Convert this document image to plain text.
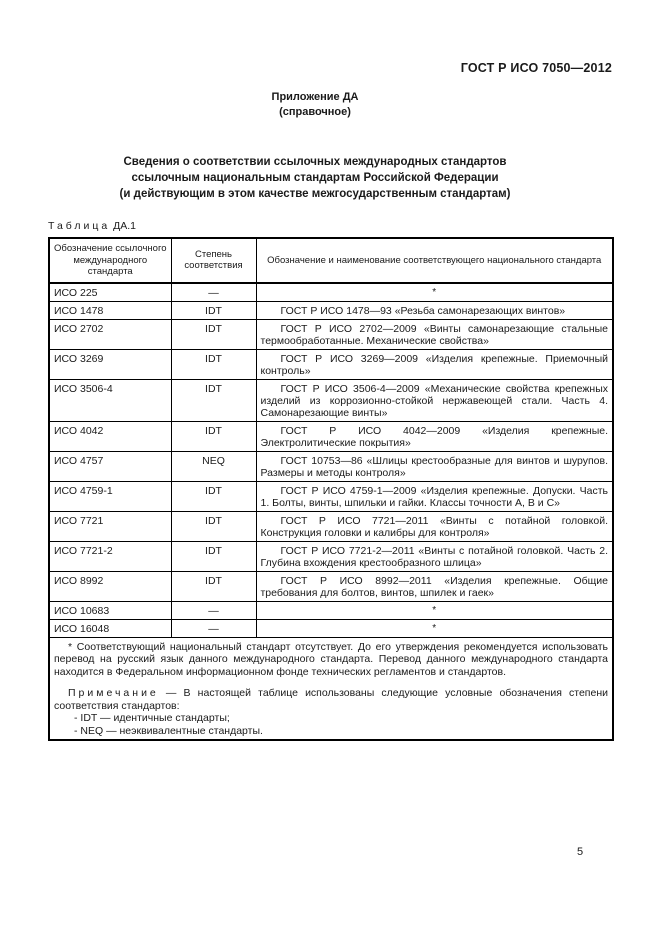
ГОСТ Р ИСО 7050—2012
Приложение ДА
(справочное)
Сведения о соответствии ссылочных международных стандартов
ссылочным национальным стандартам Российской Федерации
(и действующим в этом качестве межгосударственным стандартам)
Таблица ДА.1
Обозначение ссылочного международного стандарта	Степень соответствия	Обозначение и наименование соответствующего национального стандарта
ИСО 225	—	*
ИСО 1478	IDT	ГОСТ Р ИСО 1478—93 «Резьба самонарезающих винтов»
ИСО 2702	IDT	ГОСТ Р ИСО 2702—2009 «Винты самонарезающие стальные термообработанные. Механические свойства»
ИСО 3269	IDT	ГОСТ Р ИСО 3269—2009 «Изделия крепежные. Приемочный контроль»
ИСО 3506-4	IDT	ГОСТ Р ИСО 3506-4—2009 «Механические свойства крепежных изделий из коррозионно-стойкой нержавеющей стали. Часть 4. Самонарезающие винты»
ИСО 4042	IDT	ГОСТ Р ИСО 4042—2009 «Изделия крепежные. Электролитические покрытия»
ИСО 4757	NEQ	ГОСТ 10753—86 «Шлицы крестообразные для винтов и шурупов. Размеры и методы контроля»
ИСО 4759-1	IDT	ГОСТ Р ИСО 4759-1—2009 «Изделия крепежные. Допуски. Часть 1. Болты, винты, шпильки и гайки. Классы точности А, В и С»
ИСО 7721	IDT	ГОСТ Р ИСО 7721—2011 «Винты с потайной головкой. Конструкция головки и калибры для контроля»
ИСО 7721-2	IDT	ГОСТ Р ИСО 7721-2—2011 «Винты с потайной головкой. Часть 2. Глубина вхождения крестообразного шлица»
ИСО 8992	IDT	ГОСТ Р ИСО 8992—2011 «Изделия крепежные. Общие требования для болтов, винтов, шпилек и гаек»
ИСО 10683	—	*
ИСО 16048	—	*

* Соответствующий национальный стандарт отсутствует. До его утверждения рекомендуется использовать перевод на русский язык данного международного стандарта. Перевод данного международного стандарта находится в Федеральном информационном фонде технических регламентов и стандартов.

Примечание — В настоящей таблице использованы следующие условные обозначения степени соответствия стандартов:

- IDT — идентичные стандарты;

- NEQ — неэквивалентные стандарты.		

5
